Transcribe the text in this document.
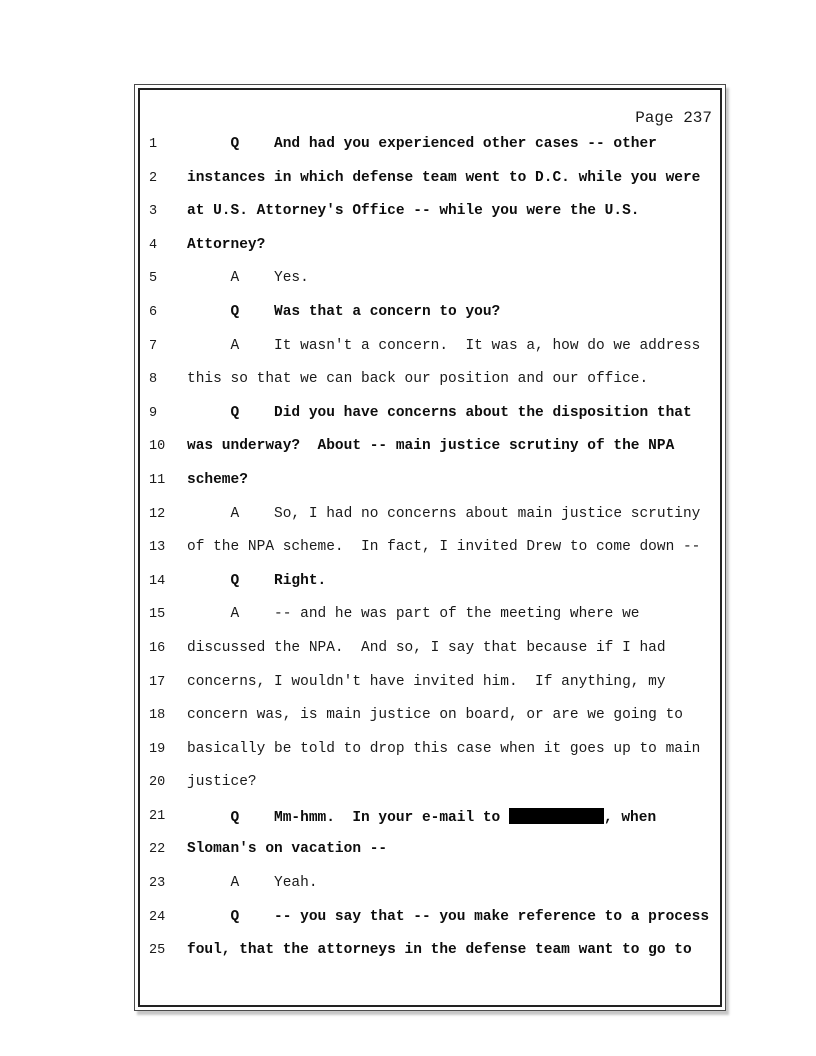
Page 237
1 Q    And had you experienced other cases -- other
2 instances in which defense team went to D.C. while you were
3 at U.S. Attorney's Office -- while you were the U.S.
4 Attorney?
5 A    Yes.
6 Q    Was that a concern to you?
7 A    It wasn't a concern.  It was a, how do we address
8 this so that we can back our position and our office.
9 Q    Did you have concerns about the disposition that
10 was underway?  About -- main justice scrutiny of the NPA
11 scheme?
12 A    So, I had no concerns about main justice scrutiny
13 of the NPA scheme.  In fact, I invited Drew to come down --
14 Q    Right.
15 A    -- and he was part of the meeting where we
16 discussed the NPA.  And so, I say that because if I had
17 concerns, I wouldn't have invited him.  If anything, my
18 concern was, is main justice on board, or are we going to
19 basically be told to drop this case when it goes up to main
20 justice?
21 Q    Mm-hmm.  In your e-mail to	, when
22 Sloman's on vacation --
23 A    Yeah.
24 Q    -- you say that -- you make reference to a process
25 foul, that the attorneys in the defense team want to go to
